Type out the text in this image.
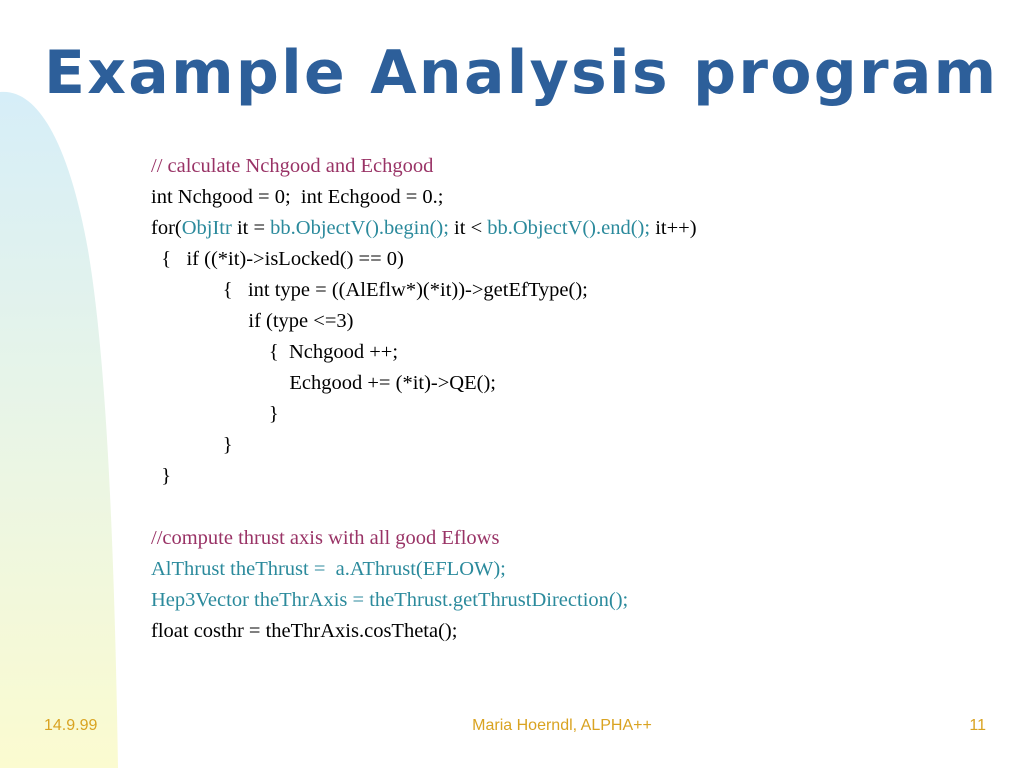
Example Analysis program
// calculate Nchgood and Echgood
int Nchgood = 0;  int Echgood = 0.;
for(ObjItr it = bb.ObjectV().begin(); it < bb.ObjectV().end(); it++)
{   if ((*it)->isLocked() == 0)
{   int type = ((AlEflw*)(*it))->getEfType();
if (type <=3)
{  Nchgood ++;
Echgood += (*it)->QE();
}
}
}
//compute thrust axis with all good Eflows
AlThrust theThrust =  a.AThrust(EFLOW);
Hep3Vector theThrAxis = theThrust.getThrustDirection();
float costhr = theThrAxis.cosTheta();
14.9.99	Maria Hoerndl, ALPHA++	11
